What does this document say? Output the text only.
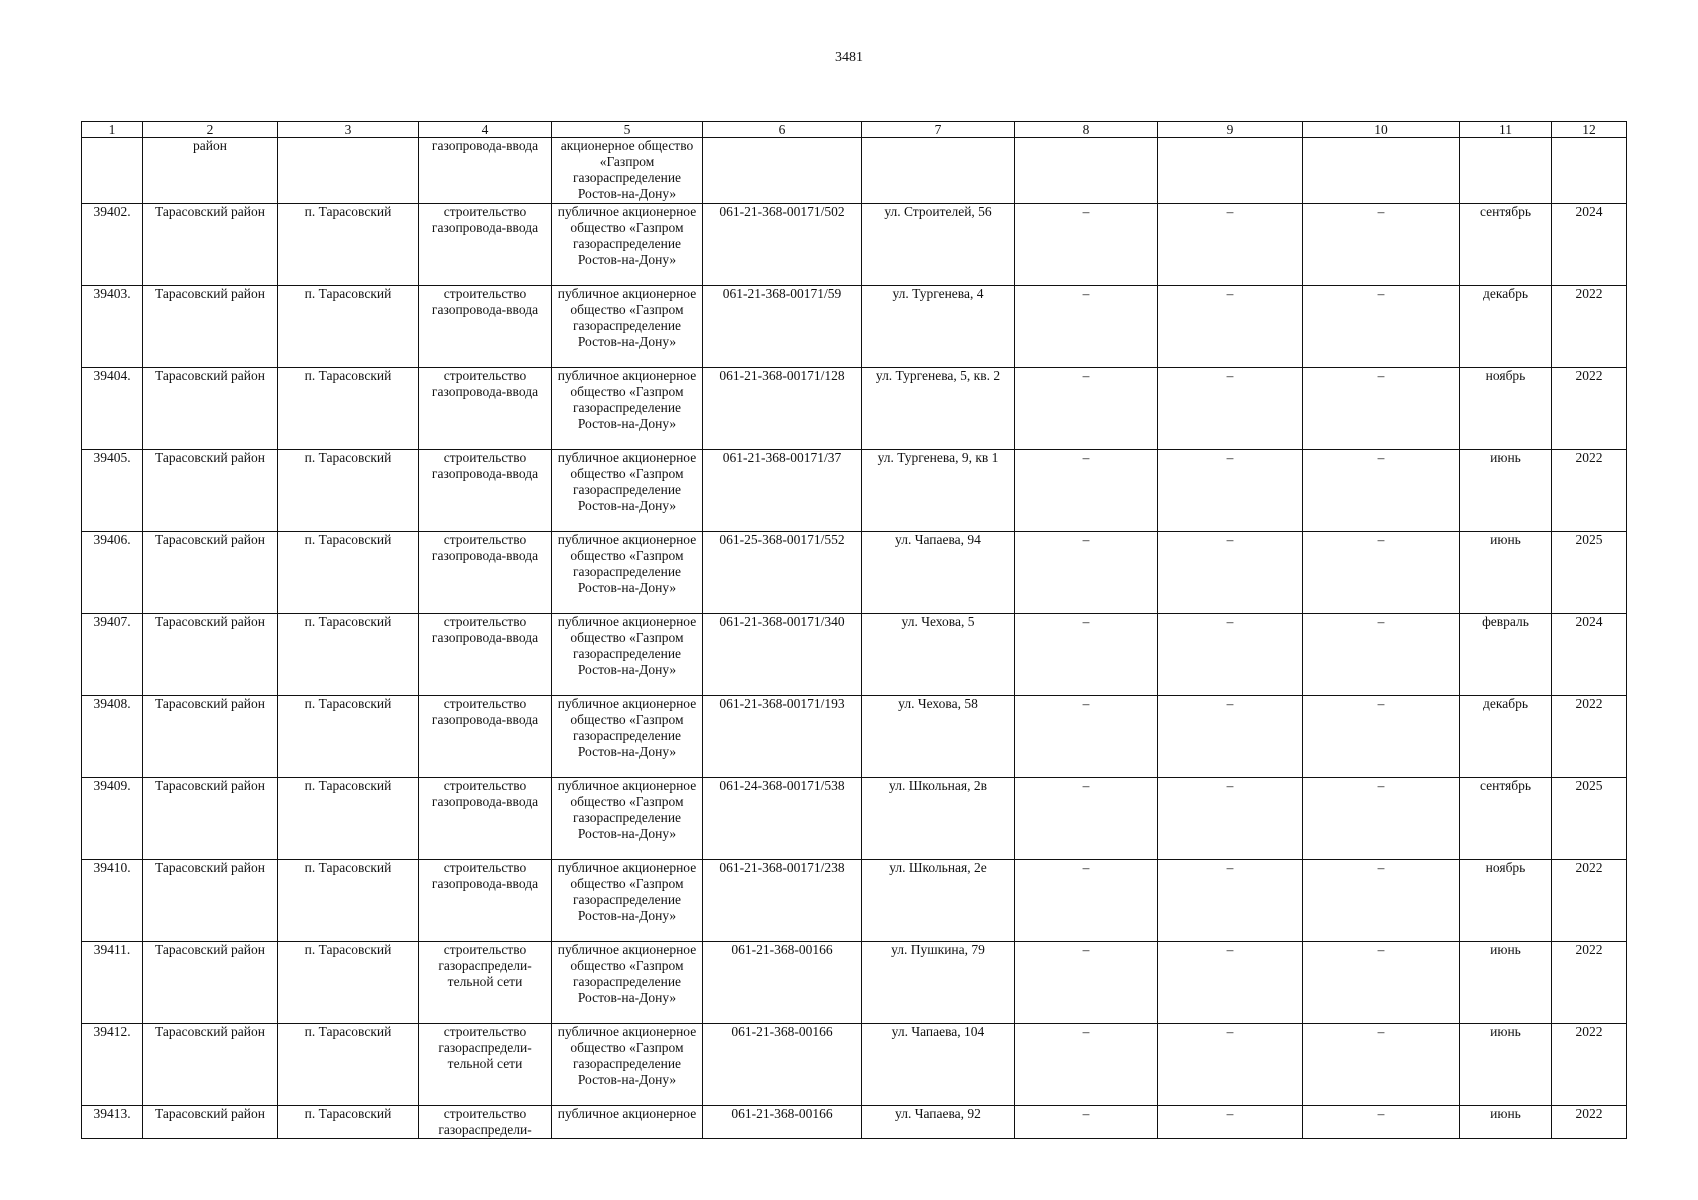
3481
1	2	3	4	5	6	7	8	9	10	11	12
	район		газопровода-ввода	акционерное общество «Газпром газораспределение Ростов-на-Дону»							
39402.	Тарасовский район	п. Тарасовский	строительство газопровода-ввода	публичное акционерное общество «Газпром газораспределение Ростов-на-Дону»	061-21-368-00171/502	ул. Строителей, 56	–	–	–	сентябрь	2024
39403.	Тарасовский район	п. Тарасовский	строительство газопровода-ввода	публичное акционерное общество «Газпром газораспределение Ростов-на-Дону»	061-21-368-00171/59	ул. Тургенева, 4	–	–	–	декабрь	2022
39404.	Тарасовский район	п. Тарасовский	строительство газопровода-ввода	публичное акционерное общество «Газпром газораспределение Ростов-на-Дону»	061-21-368-00171/128	ул. Тургенева, 5, кв. 2	–	–	–	ноябрь	2022
39405.	Тарасовский район	п. Тарасовский	строительство газопровода-ввода	публичное акционерное общество «Газпром газораспределение Ростов-на-Дону»	061-21-368-00171/37	ул. Тургенева, 9, кв 1	–	–	–	июнь	2022
39406.	Тарасовский район	п. Тарасовский	строительство газопровода-ввода	публичное акционерное общество «Газпром газораспределение Ростов-на-Дону»	061-25-368-00171/552	ул. Чапаева, 94	–	–	–	июнь	2025
39407.	Тарасовский район	п. Тарасовский	строительство газопровода-ввода	публичное акционерное общество «Газпром газораспределение Ростов-на-Дону»	061-21-368-00171/340	ул. Чехова, 5	–	–	–	февраль	2024
39408.	Тарасовский район	п. Тарасовский	строительство газопровода-ввода	публичное акционерное общество «Газпром газораспределение Ростов-на-Дону»	061-21-368-00171/193	ул. Чехова, 58	–	–	–	декабрь	2022
39409.	Тарасовский район	п. Тарасовский	строительство газопровода-ввода	публичное акционерное общество «Газпром газораспределение Ростов-на-Дону»	061-24-368-00171/538	ул. Школьная, 2в	–	–	–	сентябрь	2025
39410.	Тарасовский район	п. Тарасовский	строительство газопровода-ввода	публичное акционерное общество «Газпром газораспределение Ростов-на-Дону»	061-21-368-00171/238	ул. Школьная, 2е	–	–	–	ноябрь	2022
39411.	Тарасовский район	п. Тарасовский	строительство газораспредели-тельной сети	публичное акционерное общество «Газпром газораспределение Ростов-на-Дону»	061-21-368-00166	ул. Пушкина, 79	–	–	–	июнь	2022
39412.	Тарасовский район	п. Тарасовский	строительство газораспредели-тельной сети	публичное акционерное общество «Газпром газораспределение Ростов-на-Дону»	061-21-368-00166	ул. Чапаева, 104	–	–	–	июнь	2022
39413.	Тарасовский район	п. Тарасовский	строительство газораспредели-	публичное акционерное	061-21-368-00166	ул. Чапаева, 92	–	–	–	июнь	2022
